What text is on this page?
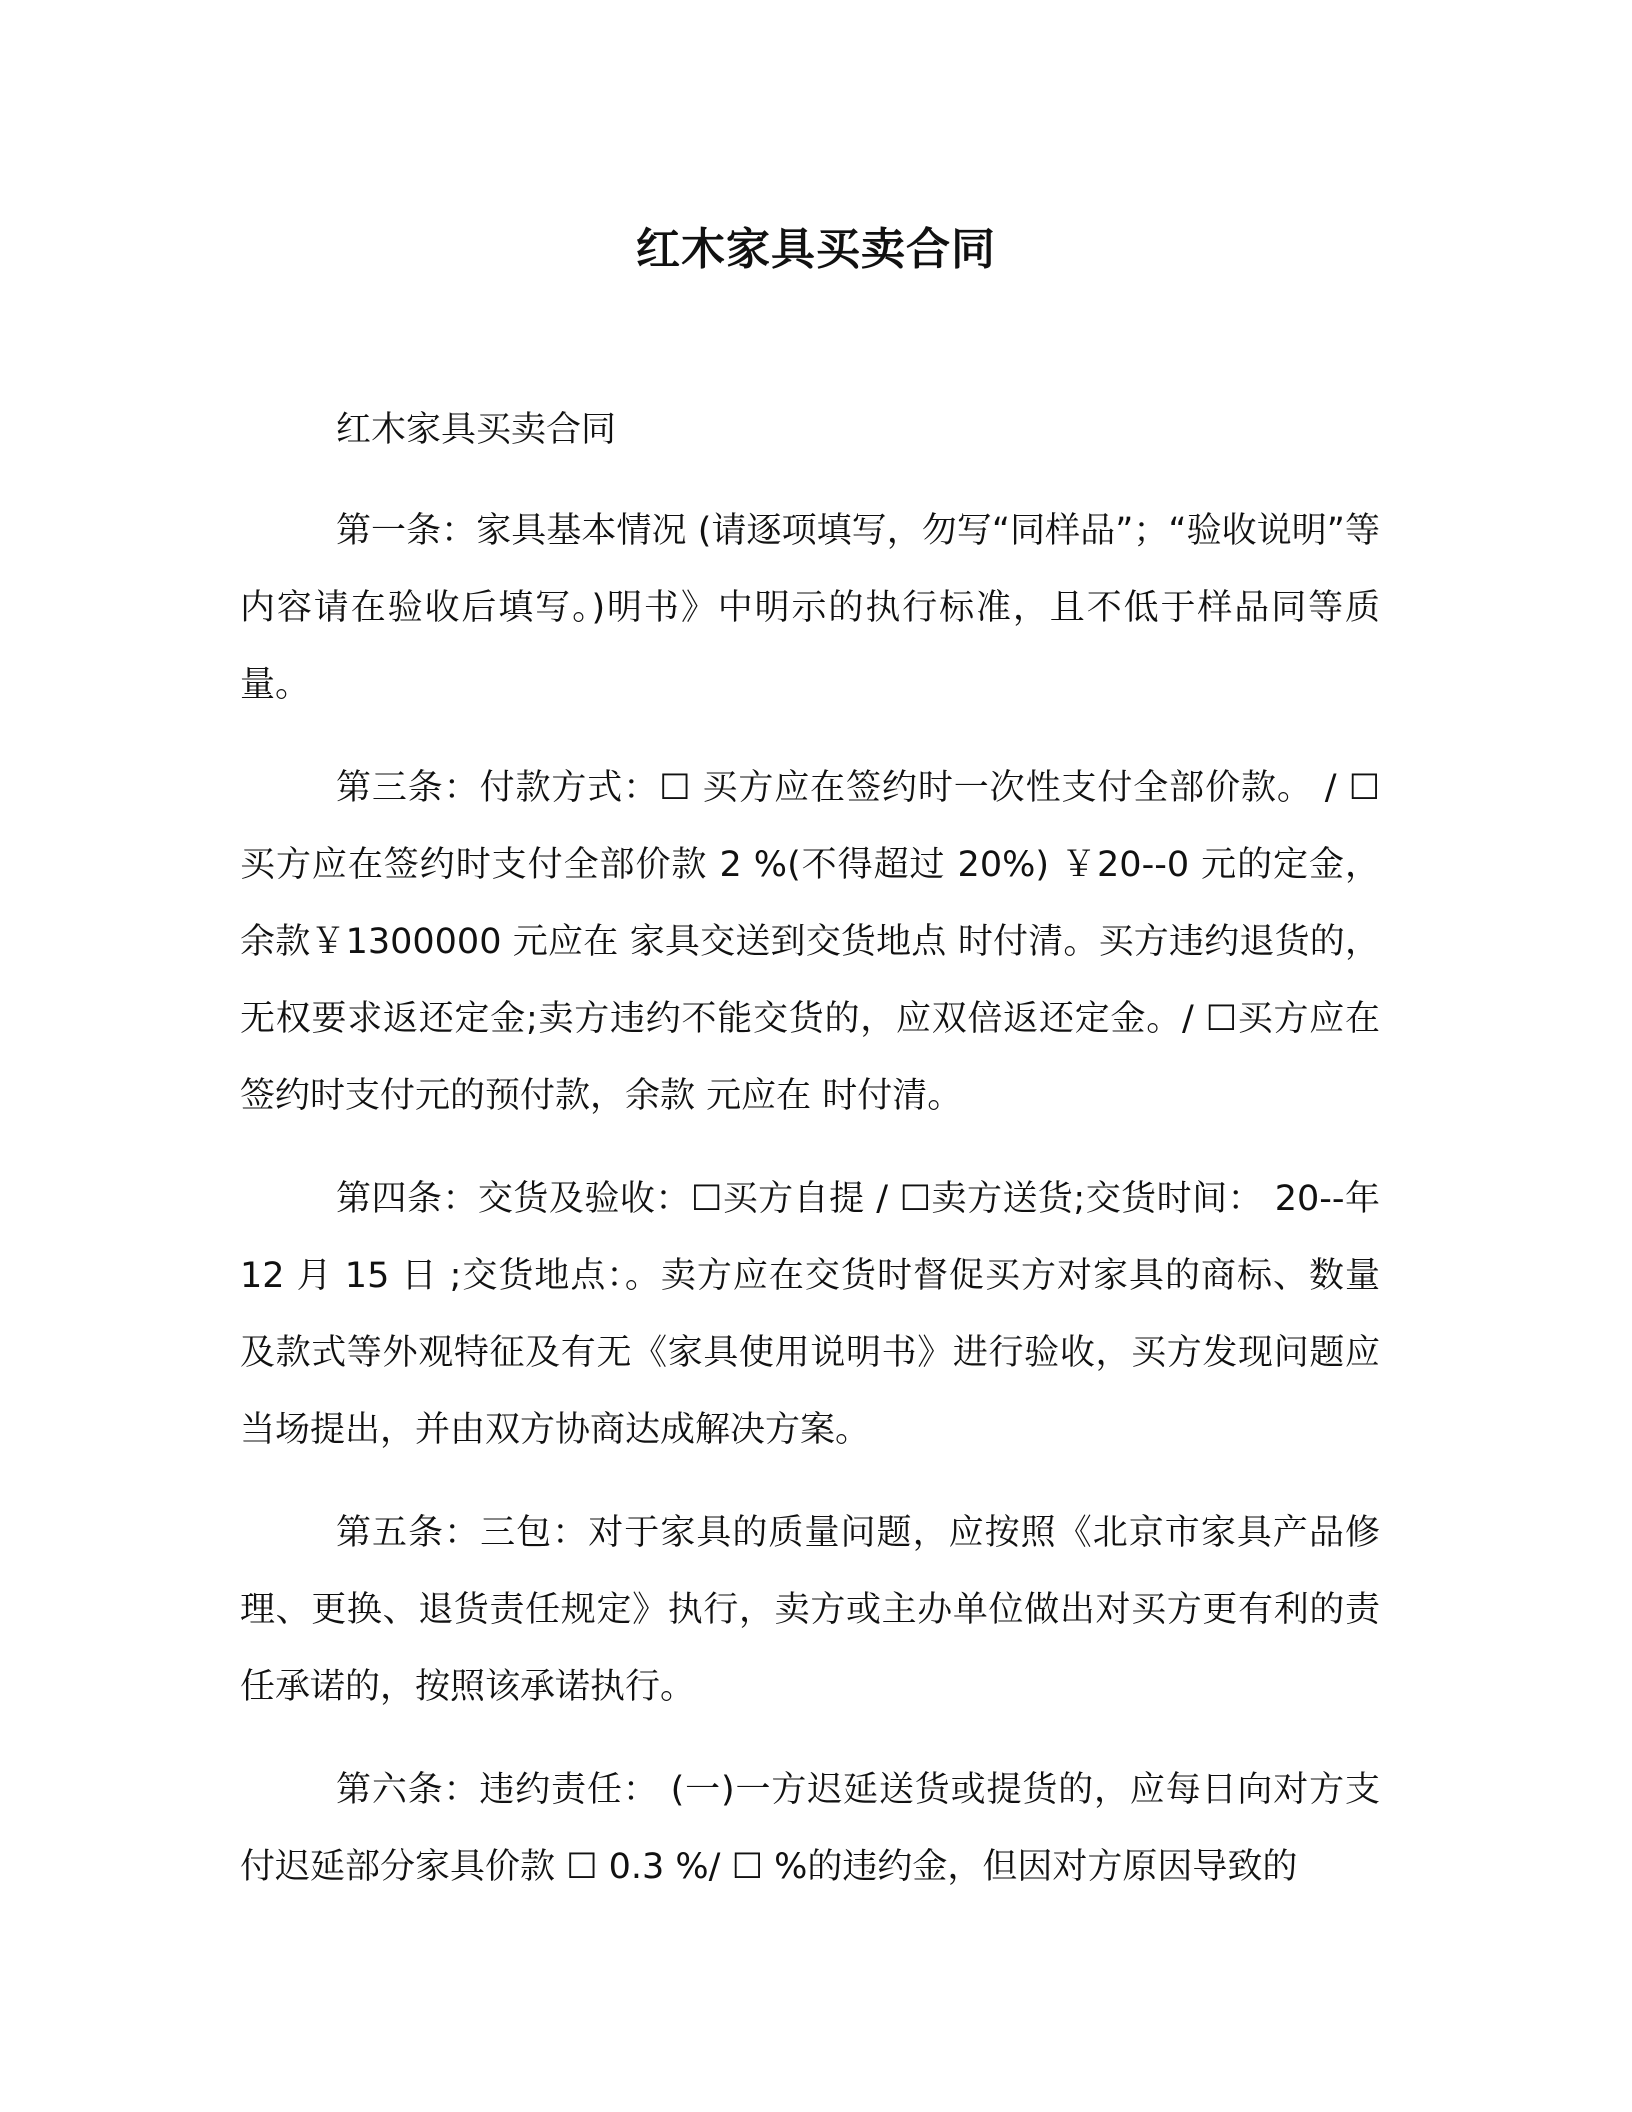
红木家具买卖合同

红木家具买卖合同

第一条：家具基本情况 (请逐项填写，勿写“同样品”；“验收说明”等内容请在验收后填写。)明书》中明示的执行标准，且不低于样品同等质量。

第三条：付款方式：☐ 买方应在签约时一次性支付全部价款。 / ☐ 买方应在签约时支付全部价款 2 %(不得超过 20%) ￥20--0 元的定金，余款￥1300000 元应在 家具交送到交货地点 时付清。买方违约退货的，无权要求返还定金;卖方违约不能交货的，应双倍返还定金。/ ☐买方应在签约时支付元的预付款，余款 元应在 时付清。

第四条：交货及验收：☐买方自提 / ☐卖方送货;交货时间： 20--年 12 月 15 日 ;交货地点：。卖方应在交货时督促买方对家具的商标、数量及款式等外观特征及有无《家具使用说明书》进行验收，买方发现问题应当场提出，并由双方协商达成解决方案。

第五条：三包：对于家具的质量问题，应按照《北京市家具产品修理、更换、退货责任规定》执行，卖方或主办单位做出对买方更有利的责任承诺的，按照该承诺执行。

第六条：违约责任： (一)一方迟延送货或提货的，应每日向对方支付迟延部分家具价款 ☐ 0.3 %/ ☐ %的违约金，但因对方原因导致的
